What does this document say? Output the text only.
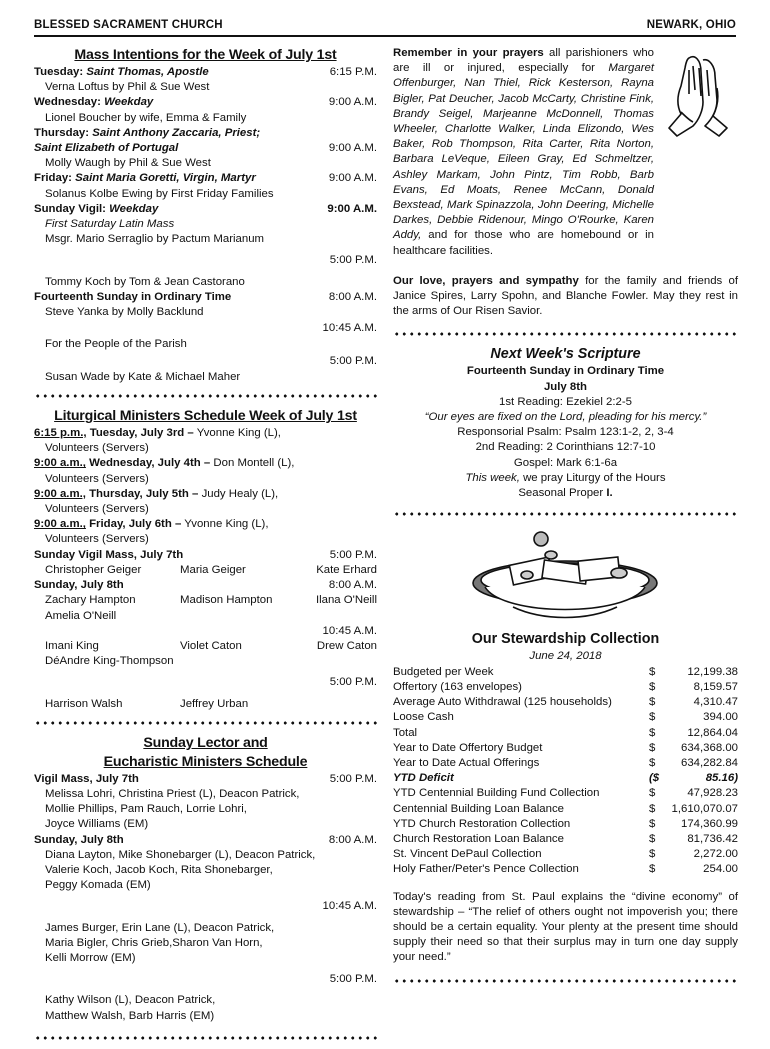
BLESSED SACRAMENT CHURCH	NEWARK, OHIO
Mass Intentions for the Week of July 1st
Tuesday: Saint Thomas, Apostle	6:15 P.M.
Verna Loftus by Phil & Sue West
Wednesday: Weekday	9:00 A.M.
Lionel Boucher by wife, Emma & Family
Thursday: Saint Anthony Zaccaria, Priest;
Saint Elizabeth of Portugal	9:00 A.M.
Molly Waugh by Phil & Sue West
Friday: Saint Maria Goretti, Virgin, Martyr	9:00 A.M.
Solanus Kolbe Ewing by First Friday Families
Sunday Vigil: Weekday	9:00 A.M.
First Saturday Latin Mass
Msgr. Mario Serraglio by Pactum Marianum
5:00 P.M.
Tommy Koch by Tom & Jean Castorano
Fourteenth Sunday in Ordinary Time	8:00 A.M.
Steve Yanka by Molly Backlund
10:45 A.M.
For the People of the Parish
5:00 P.M.
Susan Wade by Kate & Michael Maher
Liturgical Ministers Schedule Week of July 1st
6:15 p.m., Tuesday, July 3rd – Yvonne King (L),
Volunteers (Servers)
9:00 a.m., Wednesday, July 4th – Don Montell (L),
Volunteers (Servers)
9:00 a.m., Thursday, July 5th – Judy Healy (L),
Volunteers (Servers)
9:00 a.m., Friday, July 6th – Yvonne King (L),
Volunteers (Servers)
Sunday Vigil Mass, July 7th	5:00 P.M.
Christopher Geiger	Maria Geiger	Kate Erhard
Sunday, July 8th	8:00 A.M.
Zachary Hampton	Madison Hampton	Ilana O'Neill
Amelia O'Neill
10:45 A.M.
Imani King	Violet Caton	Drew Caton
DéAndre King-Thompson
5:00 P.M.
Harrison Walsh	Jeffrey Urban
Sunday Lector and
Eucharistic Ministers Schedule
Vigil Mass, July 7th	5:00 P.M.
Melissa Lohri, Christina Priest (L), Deacon Patrick,
Mollie Phillips, Pam Rauch, Lorrie Lohri,
Joyce Williams (EM)
Sunday, July 8th	8:00 A.M.
Diana Layton, Mike Shonebarger (L), Deacon Patrick,
Valerie Koch, Jacob Koch, Rita Shonebarger,
Peggy Komada (EM)
10:45 A.M.
James Burger, Erin Lane (L), Deacon Patrick,
Maria Bigler, Chris Grieb,Sharon Van Horn,
Kelli Morrow (EM)
5:00 P.M.
Kathy Wilson (L), Deacon Patrick,
Matthew Walsh, Barb Harris (EM)
Remember in your prayers all parishioners who are ill or injured, especially for Margaret Offenburger, Nan Thiel, Rick Kesterson, Rayna Bigler, Pat Deucher, Jacob McCarty, Christine Fink, Brandy Seigel, Marjeanne McDonnell, Thomas Wheeler, Charlotte Walker, Linda Elizondo, Wes Baker, Rob Thompson, Rita Carter, Rita Norton, Barbara LeVeque, Eileen Gray, Ed Schmeltzer, Ashley Markam, John Pintz, Tim Robb, Barb Evans, Ed Moats, Renee McCann, Donald Bexstead, Mark Spinazzola, John Deering, Michelle Darkes, Debbie Ridenour, Mingo O'Rourke, Karen Addy, and for those who are homebound or in healthcare facilities.
Our love, prayers and sympathy for the family and friends of Janice Spires, Larry Spohn, and Blanche Fowler. May they rest in the arms of Our Risen Savior.
Next Week's Scripture
Fourteenth Sunday in Ordinary Time
July 8th
1st Reading: Ezekiel 2:2-5
“Our eyes are fixed on the Lord, pleading for his mercy.”
Responsorial Psalm: Psalm 123:1-2, 2, 3-4
2nd Reading: 2 Corinthians 12:7-10
Gospel: Mark 6:1-6a
This week, we pray Liturgy of the Hours
Seasonal Proper I.
Our Stewardship Collection
June 24, 2018
Budgeted per Week	$	12,199.38
Offertory (163 envelopes)	$	8,159.57
Average Auto Withdrawal (125 households)	$	4,310.47
Loose Cash	$	394.00
Total	$	12,864.04
Year to Date Offertory Budget	$	634,368.00
Year to Date Actual Offerings	$	634,282.84
YTD Deficit	($	85.16)
YTD Centennial Building Fund Collection	$	47,928.23
Centennial Building Loan Balance	$	1,610,070.07
YTD Church Restoration Collection	$	174,360.99
Church Restoration Loan Balance	$	81,736.42
St. Vincent DePaul Collection	$	2,272.00
Holy Father/Peter's Pence Collection	$	254.00
Today's reading from St. Paul explains the “divine economy” of stewardship – “The relief of others ought not impoverish you; there should be a certain equality. Your plenty at the present time should supply their need so that their surplus may in turn one day supply your need.”
